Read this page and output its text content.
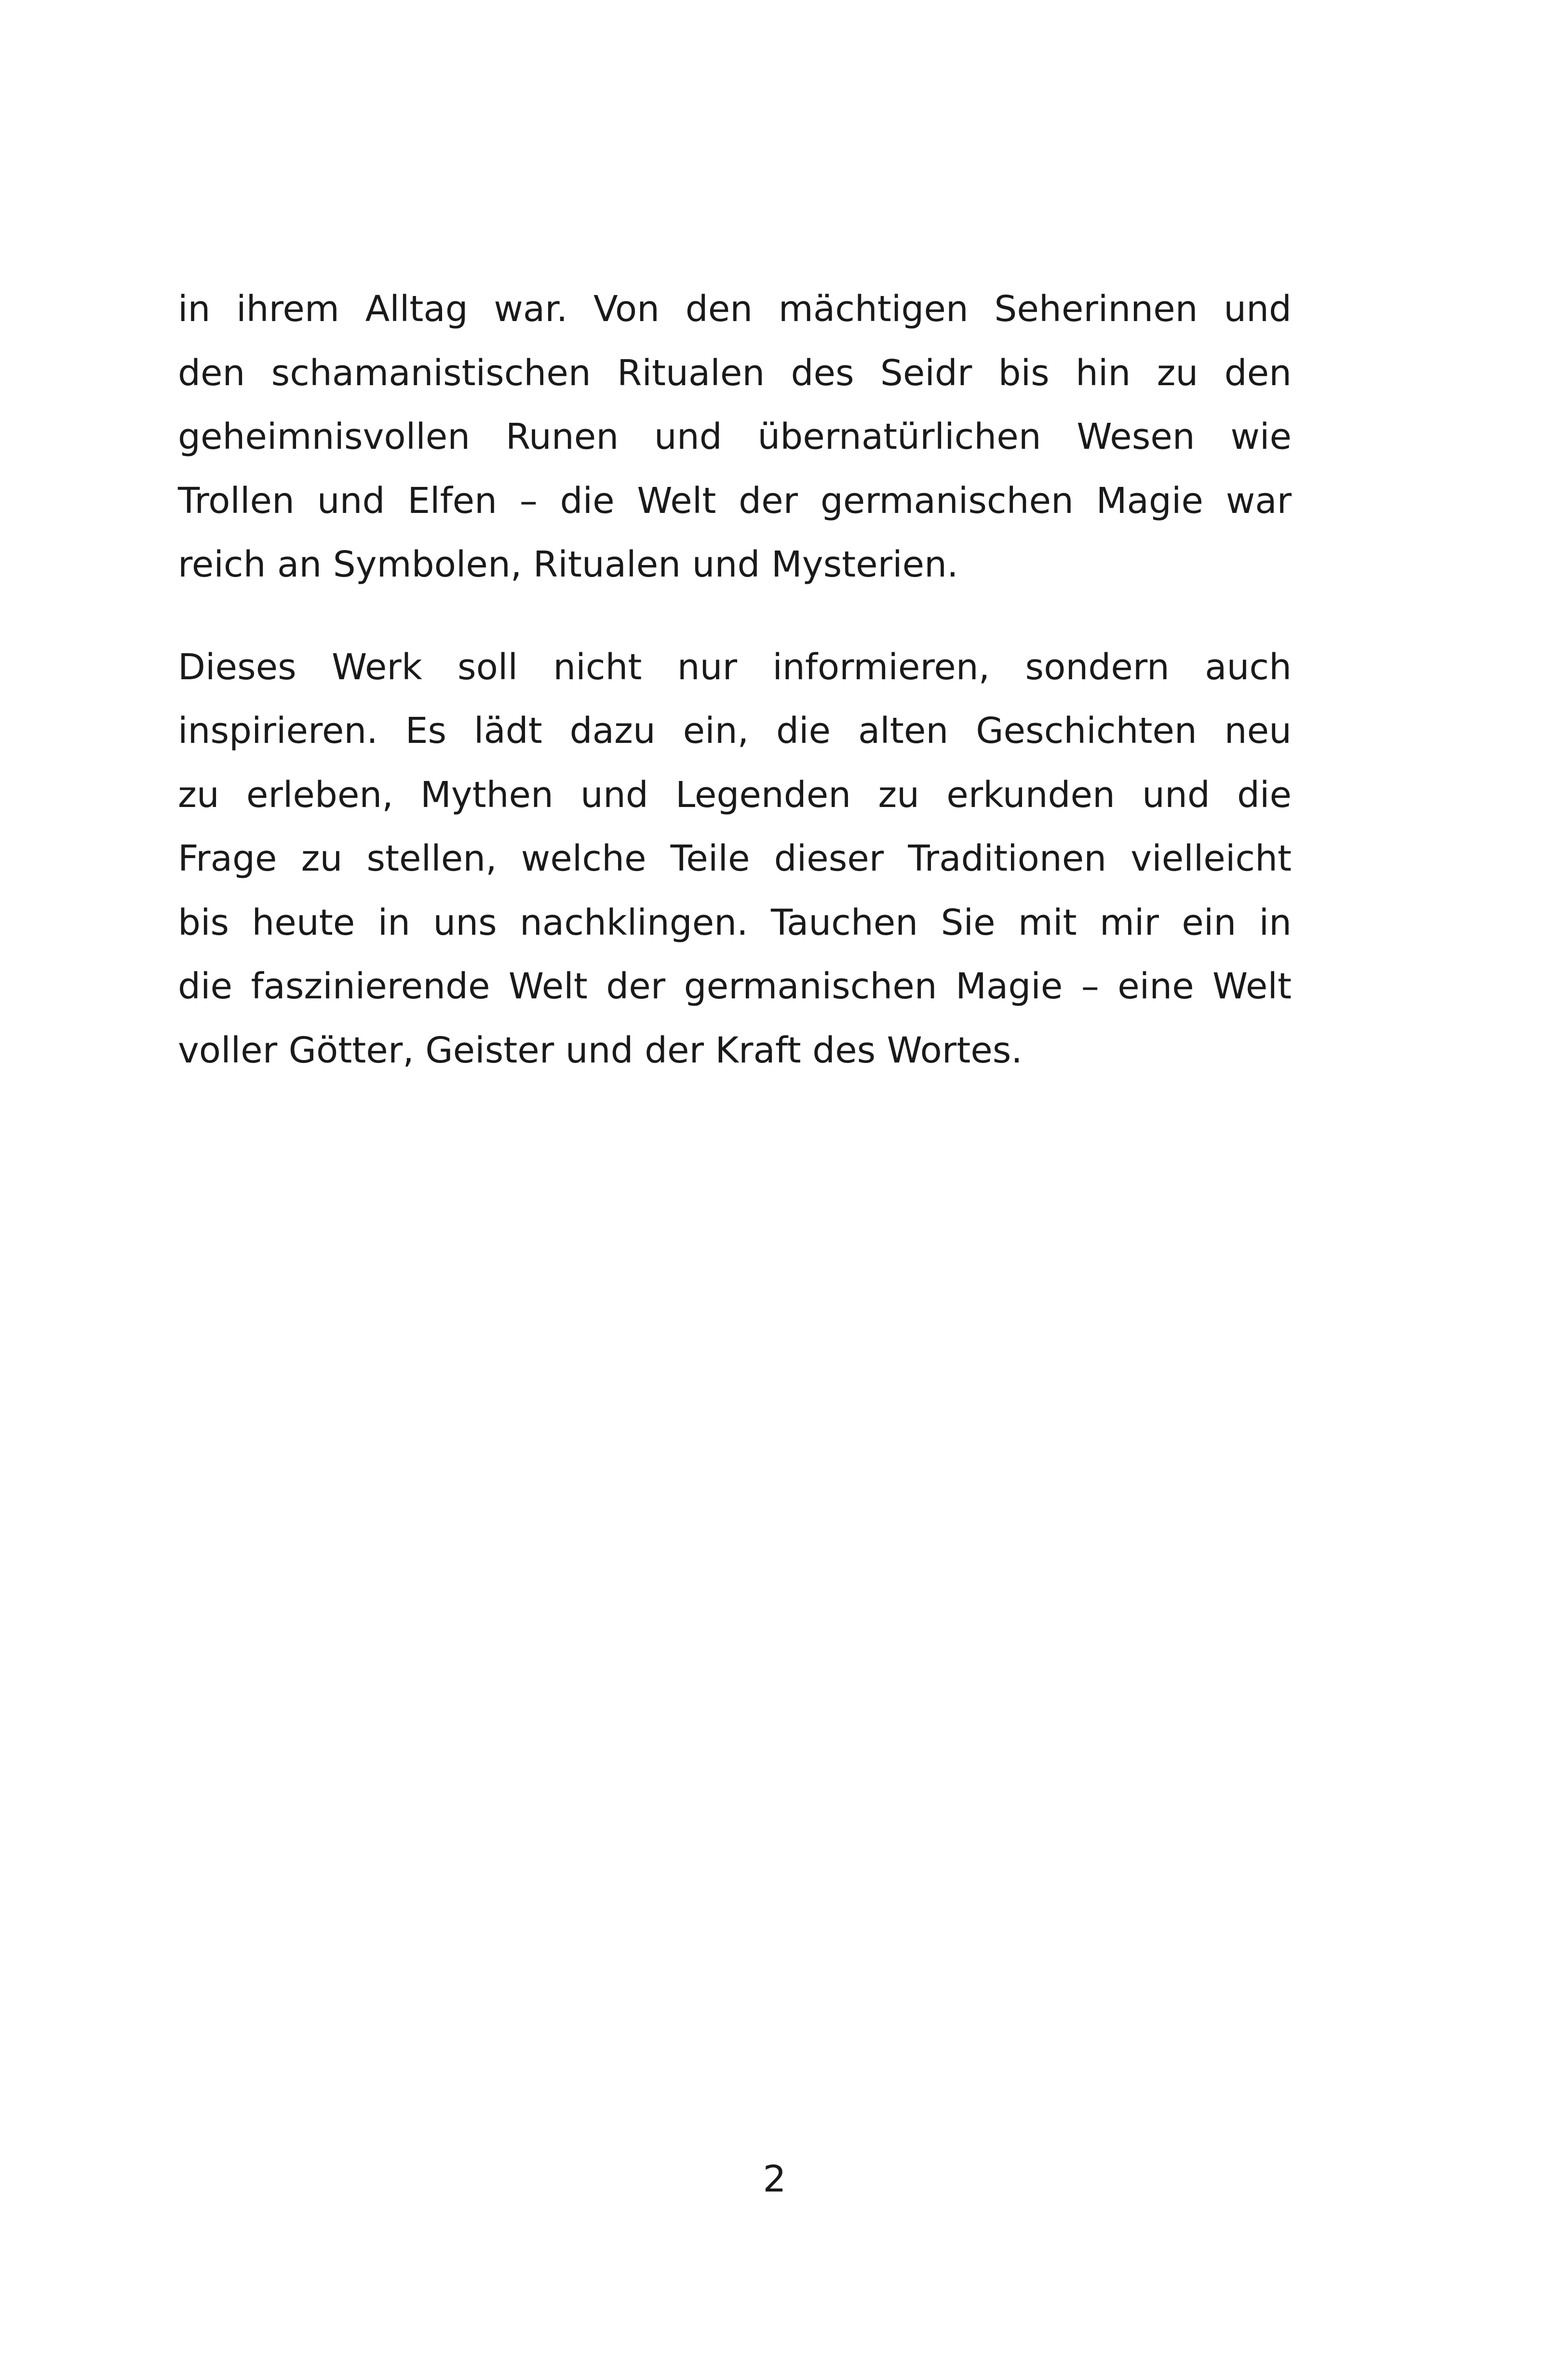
in ihrem Alltag war. Von den mächtigen Seherinnen und
den schamanistischen Ritualen des Seidr bis hin zu den
geheimnisvollen Runen und übernatürlichen Wesen wie
Trollen und Elfen – die Welt der germanischen Magie war
reich an Symbolen, Ritualen und Mysterien.

Dieses Werk soll nicht nur informieren, sondern auch
inspirieren. Es lädt dazu ein, die alten Geschichten neu
zu erleben, Mythen und Legenden zu erkunden und die
Frage zu stellen, welche Teile dieser Traditionen vielleicht
bis heute in uns nachklingen. Tauchen Sie mit mir ein in
die faszinierende Welt der germanischen Magie – eine Welt
voller Götter, Geister und der Kraft des Wortes.

2
